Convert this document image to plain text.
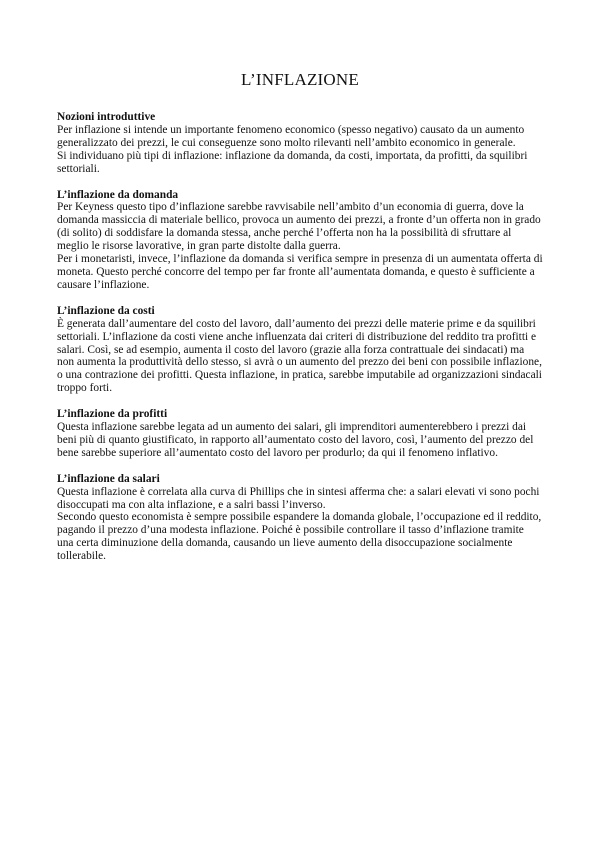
L’INFLAZIONE
Nozioni introduttive

Per inflazione si intende un importante fenomeno economico (spesso negativo) causato da un aumento generalizzato dei prezzi, le cui conseguenze sono molto rilevanti nell’ambito economico in generale.

Si individuano più tipi di inflazione: inflazione da domanda, da costi, importata, da profitti, da squilibri settoriali.

L’inflazione da domanda

Per Keyness questo tipo d’inflazione sarebbe ravvisabile nell’ambito d’un economia di guerra, dove la domanda massiccia di materiale bellico, provoca un aumento dei prezzi, a fronte d’un offerta non in grado (di solito) di soddisfare la domanda stessa, anche perché l’offerta non ha la possibilità di sfruttare al meglio le risorse lavorative, in gran parte distolte dalla guerra.

Per i monetaristi, invece, l’inflazione da domanda si verifica sempre in presenza di un aumentata offerta di moneta. Questo perché concorre del tempo per far fronte all’aumentata domanda, e questo è sufficiente a causare l’inflazione.

L’inflazione da costi

È generata dall’aumentare del costo del lavoro, dall’aumento dei prezzi delle materie prime e da squilibri settoriali. L’inflazione da costi viene anche influenzata dai criteri di distribuzione del reddito tra profitti e salari. Così, se ad esempio, aumenta il costo del lavoro (grazie alla forza contrattuale dei sindacati) ma non aumenta la produttività dello stesso, si avrà o un aumento del prezzo dei beni con possibile inflazione, o una contrazione dei profitti. Questa inflazione, in pratica, sarebbe imputabile ad organizzazioni sindacali troppo forti.

L’inflazione da profitti

Questa inflazione sarebbe legata ad un aumento dei salari, gli imprenditori aumenterebbero i prezzi dai beni più di quanto giustificato, in rapporto all’aumentato costo del lavoro, così, l’aumento del prezzo del bene sarebbe superiore all’aumentato costo del lavoro per produrlo; da qui il fenomeno inflativo.

L’inflazione da salari

Questa inflazione è correlata alla curva di Phillips che in sintesi afferma che: a salari elevati vi sono pochi disoccupati ma con alta inflazione, e a salri bassi l’inverso.

Secondo questo economista è sempre possibile espandere la domanda globale, l’occupazione ed il reddito, pagando il prezzo d’una modesta inflazione. Poiché è possibile controllare il tasso d’inflazione tramite una certa diminuzione della domanda, causando un lieve aumento della disoccupazione socialmente tollerabile.
